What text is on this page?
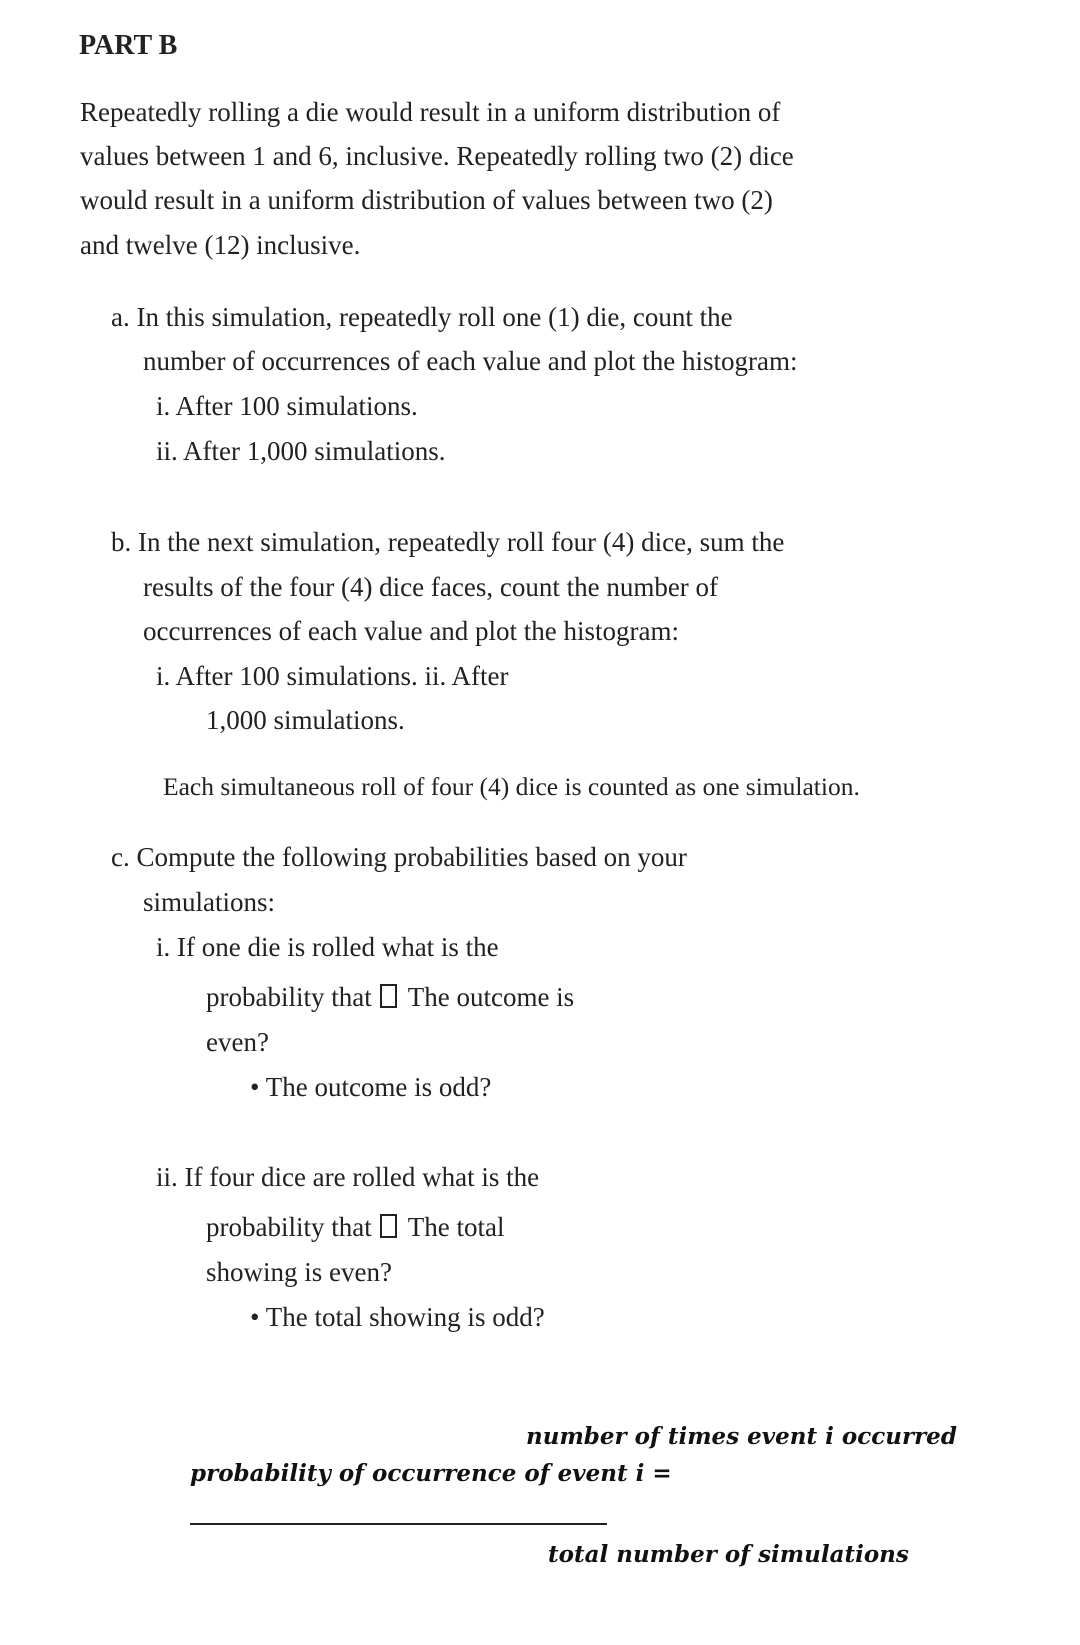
PART B
Repeatedly rolling a die would result in a uniform distribution of
values between 1 and 6, inclusive. Repeatedly rolling two (2) dice
would result in a uniform distribution of values between two (2)
and twelve (12) inclusive.
a. In this simulation, repeatedly roll one (1) die, count the
number of occurrences of each value and plot the histogram:
i. After 100 simulations.
ii. After 1,000 simulations.
b. In the next simulation, repeatedly roll four (4) dice, sum the
results of the four (4) dice faces, count the number of
occurrences of each value and plot the histogram:
i. After 100 simulations. ii. After
1,000 simulations.
Each simultaneous roll of four (4) dice is counted as one simulation.
c. Compute the following probabilities based on your
simulations:
i. If one die is rolled what is the
probability that The outcome is
even?
• The outcome is odd?
ii. If four dice are rolled what is the
probability that The total
showing is even?
• The total showing is odd?
number of times event i occurred
probability of occurrence of event i =
total number of simulations
